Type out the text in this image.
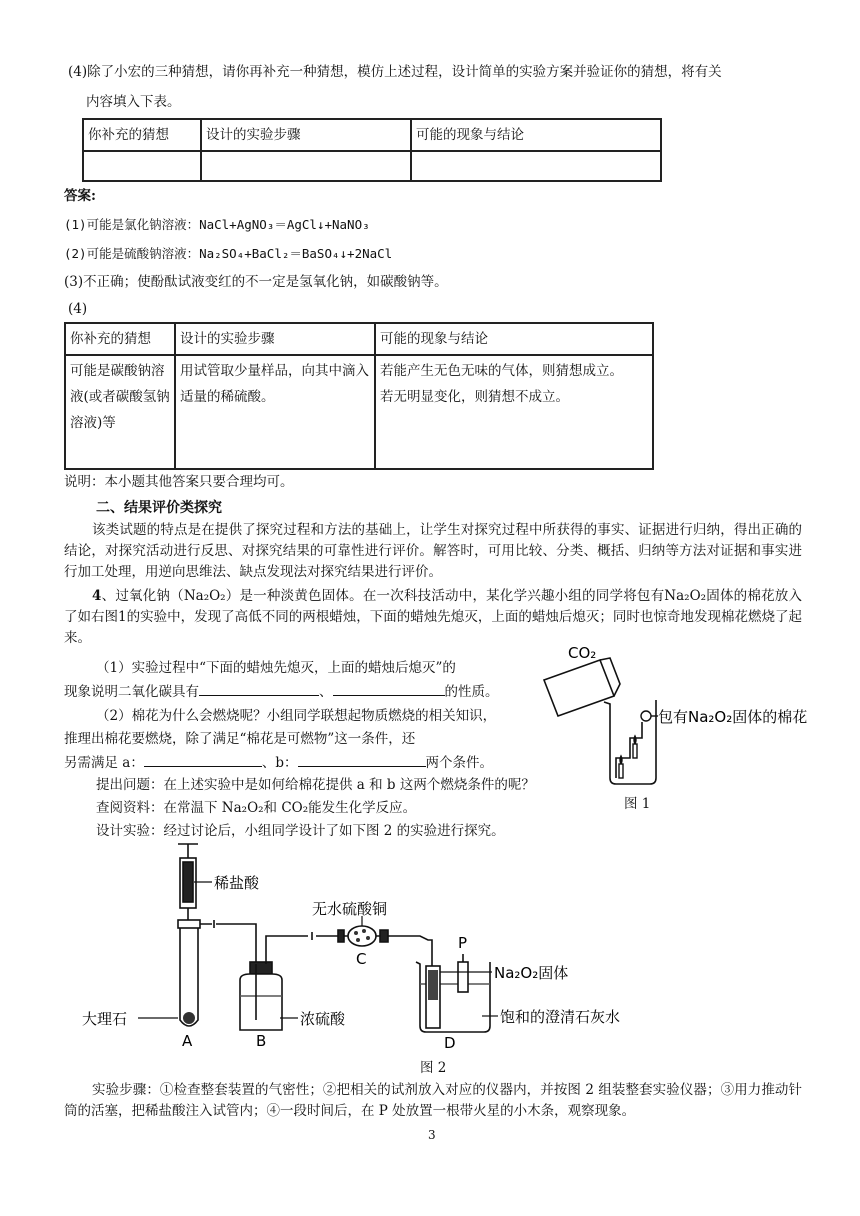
(4)除了小宏的三种猜想，请你再补充一种猜想，模仿上述过程，设计简单的实验方案并验证你的猜想，将有关
内容填入下表。
你补充的猜想	设计的实验步骤	可能的现象与结论

答案:
(1)可能是氯化钠溶液：NaCl+AgNO₃＝AgCl↓+NaNO₃
(2)可能是硫酸钠溶液：Na₂SO₄+BaCl₂＝BaSO₄↓+2NaCl
(3)不正确；使酚酞试液变红的不一定是氢氧化钠，如碳酸钠等。
(4)
你补充的猜想	设计的实验步骤	可能的现象与结论
可能是碳酸钠溶液(或者碳酸氢钠溶液)等	用试管取少量样品，向其中滴入适量的稀硫酸。	若能产生无色无味的气体，则猜想成立。
若无明显变化，则猜想不成立。
说明：本小题其他答案只要合理均可。
二、结果评价类探究
该类试题的特点是在提供了探究过程和方法的基础上，让学生对探究过程中所获得的事实、证据进行归纳，得出正确的结论，对探究活动进行反思、对探究结果的可靠性进行评价。解答时，可用比较、分类、概括、归纳等方法对证据和事实进行加工处理，用逆向思维法、缺点发现法对探究结果进行评价。
4、过氧化钠（Na₂O₂）是一种淡黄色固体。在一次科技活动中，某化学兴趣小组的同学将包有Na₂O₂固体的棉花放入了如右图1的实验中，发现了高低不同的两根蜡烛，下面的蜡烛先熄灭，上面的蜡烛后熄灭；同时也惊奇地发现棉花燃烧了起来。
（1）实验过程中“下面的蜡烛先熄灭，上面的蜡烛后熄灭”的
现象说明二氧化碳具有	、	的性质。
（2）棉花为什么会燃烧呢？小组同学联想起物质燃烧的相关知识，
推理出棉花要燃烧，除了满足“棉花是可燃物”这一条件，还
另需满足 a：	、b：	两个条件。
提出问题：在上述实验中是如何给棉花提供 a 和 b 这两个燃烧条件的呢？
查阅资料：在常温下 Na₂O₂和 CO₂能发生化学反应。
设计实验：经过讨论后，小组同学设计了如下图 2 的实验进行探究。
CO₂
包有Na₂O₂固体的棉花
图 1
稀盐酸
无水硫酸铜
大理石	浓硫酸
Na₂O₂固体
饱和的澄清石灰水
A	B
C
D
P
图 2
实验步骤：①检查整套装置的气密性；②把相关的试剂放入对应的仪器内，并按图 2 组装整套实验仪器；③用力推动针筒的活塞，把稀盐酸注入试管内；④一段时间后，在 P 处放置一根带火星的小木条，观察现象。
3
